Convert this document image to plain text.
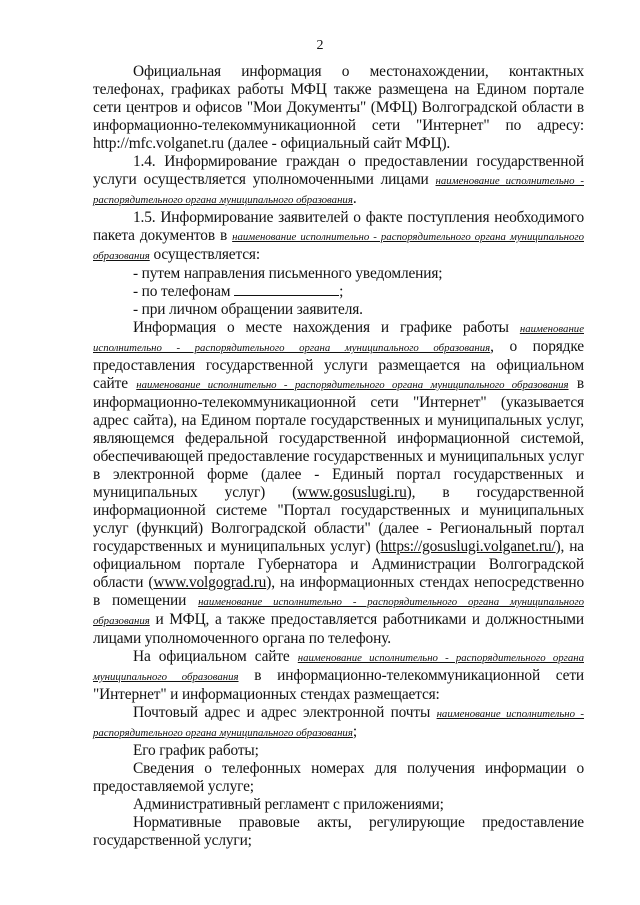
2

Официальная информация о местонахождении, контактных телефонах, графиках работы МФЦ также размещена на Едином портале сети центров и офисов "Мои Документы" (МФЦ) Волгоградской области в информационно-телекоммуникационной сети "Интернет" по адресу: http://mfc.volganet.ru (далее - официальный сайт МФЦ).

1.4. Информирование граждан о предоставлении государственной услуги осуществляется уполномоченными лицами наименование исполнительно - распорядительного органа муниципального образования.

1.5. Информирование заявителей о факте поступления необходимого пакета документов в наименование исполнительно - распорядительного органа муниципального образования осуществляется:

- путем направления письменного уведомления;

- по телефонам	;

- при личном обращении заявителя.

Информация о месте нахождения и графике работы наименование исполнительно - распорядительного органа муниципального образования, о порядке предоставления государственной услуги размещается на официальном сайте наименование исполнительно - распорядительного органа муниципального образования в информационно-телекоммуникационной сети "Интернет" (указывается адрес сайта), на Едином портале государственных и муниципальных услуг, являющемся федеральной государственной информационной системой, обеспечивающей предоставление государственных и муниципальных услуг в электронной форме (далее - Единый портал государственных и муниципальных услуг) (www.gosuslugi.ru), в государственной информационной системе "Портал государственных и муниципальных услуг (функций) Волгоградской области" (далее - Региональный портал государственных и муниципальных услуг) (https://gosuslugi.volganet.ru/), на официальном портале Губернатора и Администрации Волгоградской области (www.volgograd.ru), на информационных стендах непосредственно в помещении наименование исполнительно - распорядительного органа муниципального образования и МФЦ, а также предоставляется работниками и должностными лицами уполномоченного органа по телефону.

На официальном сайте наименование исполнительно - распорядительного органа муниципального образования в информационно-телекоммуникационной сети "Интернет" и информационных стендах размещается:

Почтовый адрес и адрес электронной почты наименование исполнительно - распорядительного органа муниципального образования;

Его график работы;

Сведения о телефонных номерах для получения информации о предоставляемой услуге;

Административный регламент с приложениями;

Нормативные правовые акты, регулирующие предоставление государственной услуги;
